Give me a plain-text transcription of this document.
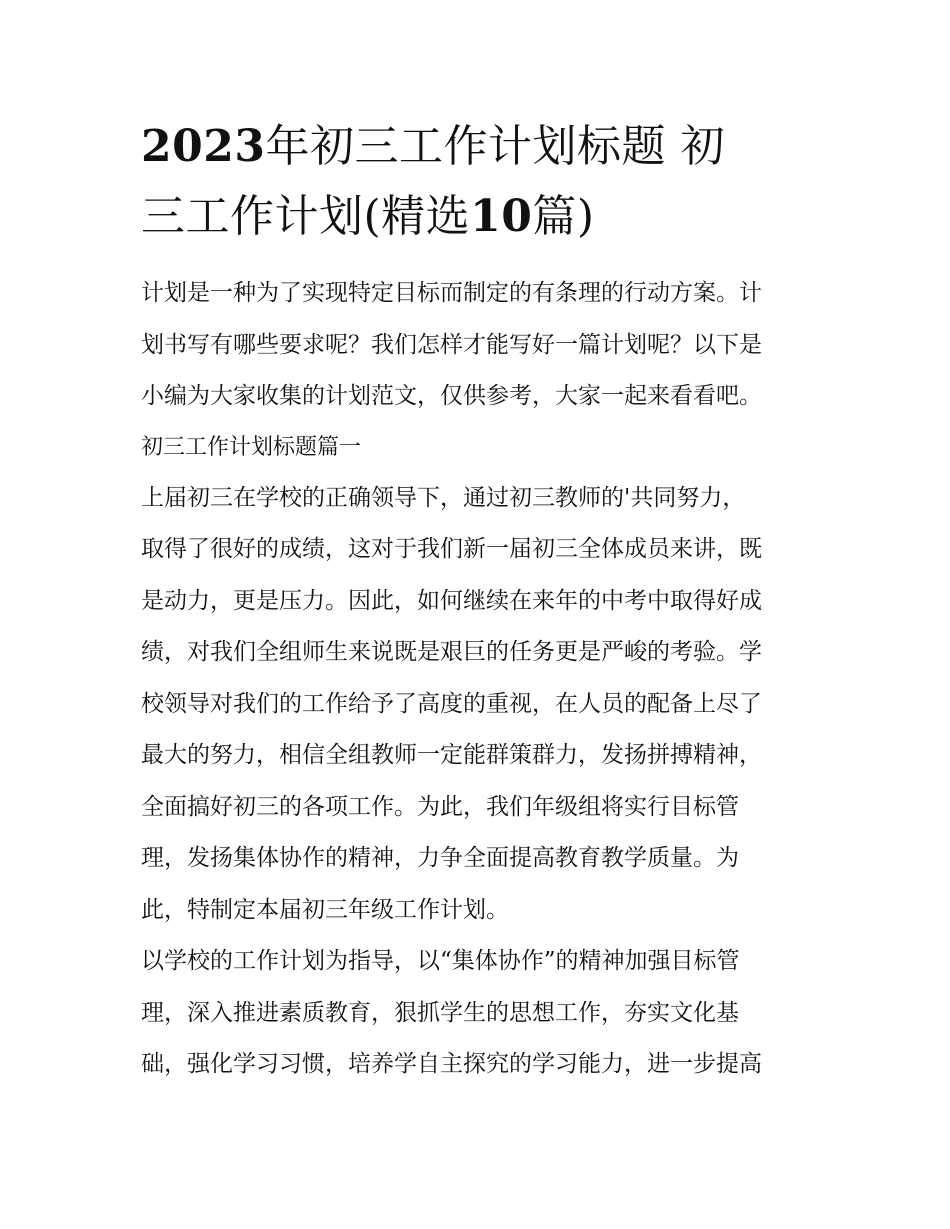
2023年初三工作计划标题 初
三工作计划(精选10篇)
计划是一种为了实现特定目标而制定的有条理的行动方案。计
划书写有哪些要求呢？我们怎样才能写好一篇计划呢？以下是
小编为大家收集的计划范文，仅供参考，大家一起来看看吧。
初三工作计划标题篇一
上届初三在学校的正确领导下，通过初三教师的'共同努力，
取得了很好的成绩，这对于我们新一届初三全体成员来讲，既
是动力，更是压力。因此，如何继续在来年的中考中取得好成
绩，对我们全组师生来说既是艰巨的任务更是严峻的考验。学
校领导对我们的工作给予了高度的重视，在人员的配备上尽了
最大的努力，相信全组教师一定能群策群力，发扬拼搏精神，
全面搞好初三的各项工作。为此，我们年级组将实行目标管
理，发扬集体协作的精神，力争全面提高教育教学质量。为
此，特制定本届初三年级工作计划。
以学校的工作计划为指导，以“集体协作”的精神加强目标管
理，深入推进素质教育，狠抓学生的思想工作，夯实文化基
础，强化学习习惯，培养学自主探究的学习能力，进一步提高
